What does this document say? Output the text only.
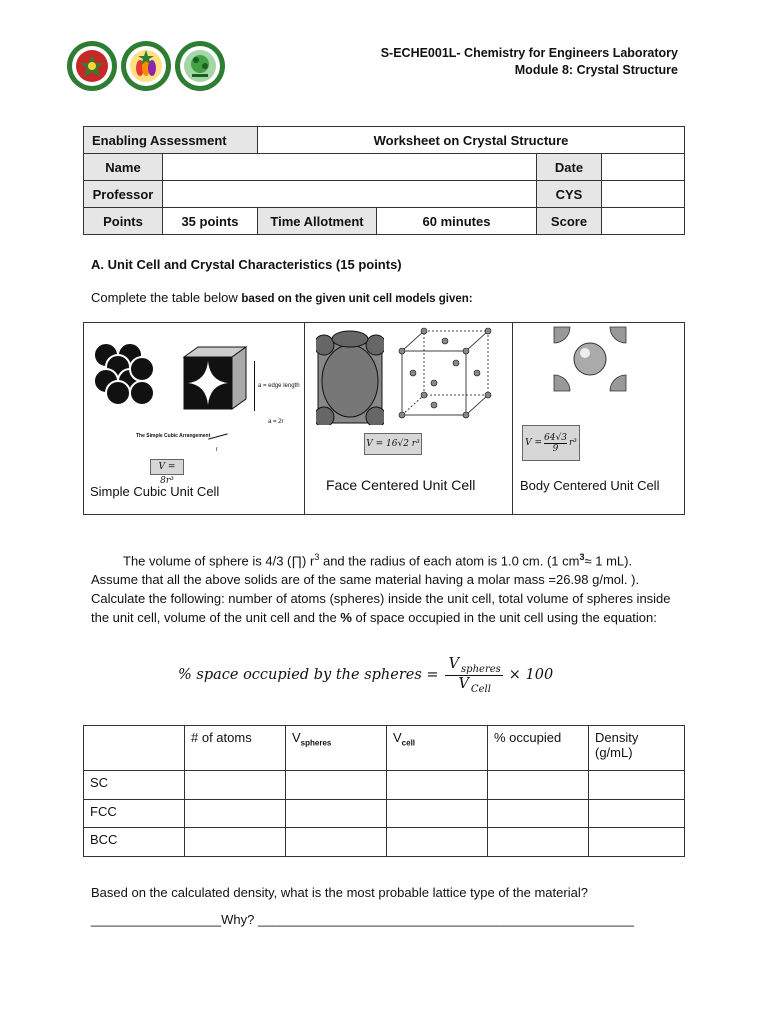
S-ECHE001L- Chemistry for Engineers Laboratory
Module 8: Crystal Structure
Enabling Assessment		Worksheet on Crystal Structure			
Name				Date	
Professor				CYS	
Points	35 points	Time Allotment	60 minutes	Score	
A. Unit Cell and Crystal Characteristics (15 points)
Complete the table below based on the given unit cell models given:
a = edge length
a = 2r
The Simple Cubic Arrangement
r
V = 8r³
Simple Cubic Unit Cell
V = 16√2 r³
Face Centered Unit Cell
$V = \frac{64√3}{9} r^3$
Body Centered Unit Cell
The volume of sphere is 4/3 (∏) $r^3$ and the radius of each atom is 1.0 cm. (1 $cm^3\approx 1$ mL). Assume that all the above solids are of the same material having a molar mass =26.98 g/mol. ). Calculate the following: number of atoms (spheres) inside the unit cell, total volume of spheres inside the unit cell, volume of the unit cell and the % of space occupied in the unit cell using the equation:
% space occupied by the spheres = $\frac{V _{spheres}}{V _{Cell}} \times 100$
	# of atoms	$V_{spheres}$	$V_{cell}$	% occupied	Density (g/mL)
SC					
FCC					
BCC					
Based on the calculated density, what is the most probable lattice type of the material?
__________________Why? ____________________________________________________
